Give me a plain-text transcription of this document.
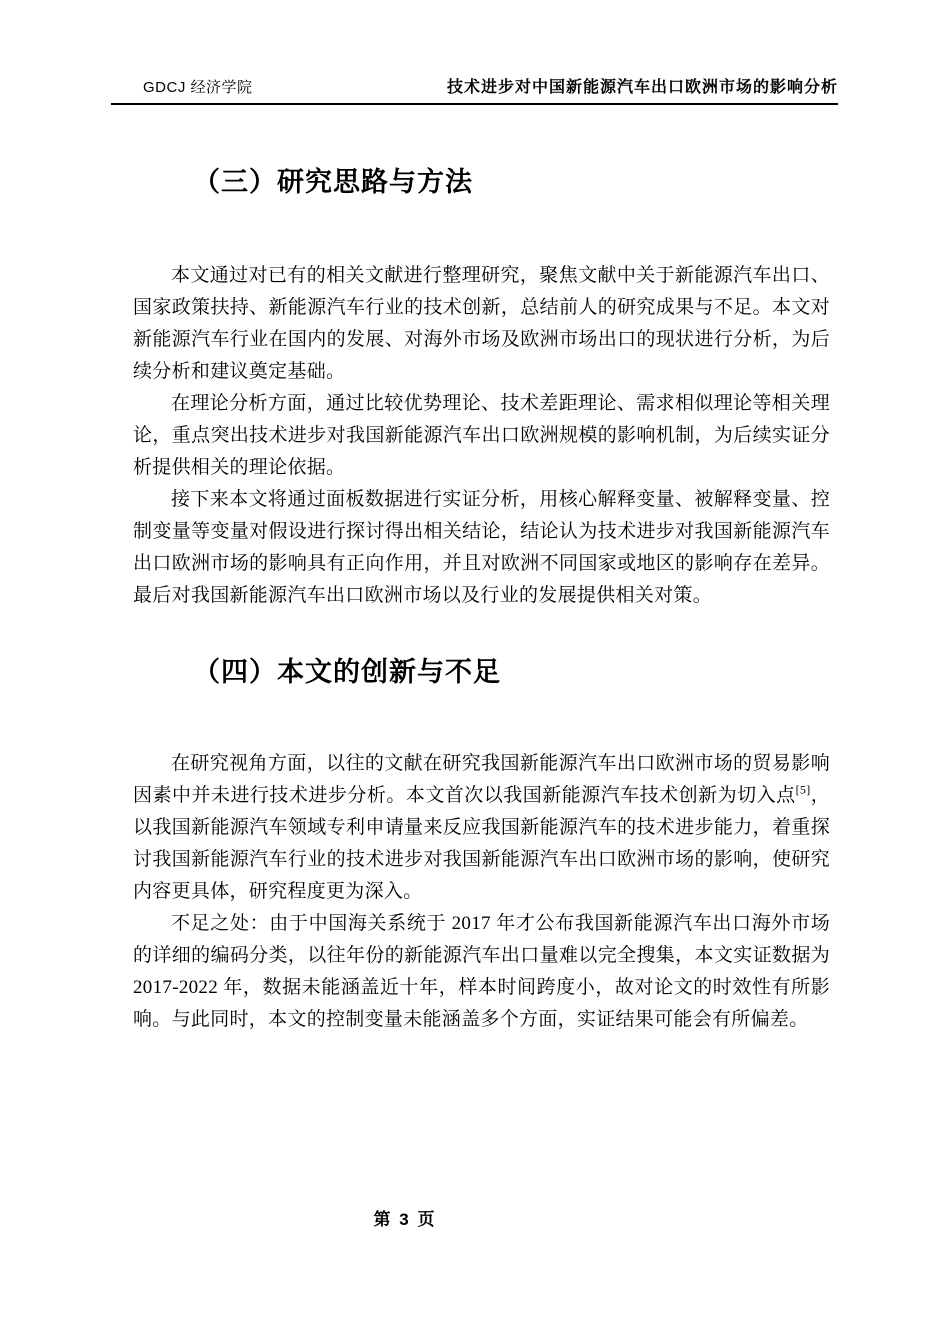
GDCJ 经济学院	技术进步对中国新能源汽车出口欧洲市场的影响分析
（三）研究思路与方法

本文通过对已有的相关文献进行整理研究，聚焦文献中关于新能源汽车出口、国家政策扶持、新能源汽车行业的技术创新，总结前人的研究成果与不足。本文对新能源汽车行业在国内的发展、对海外市场及欧洲市场出口的现状进行分析，为后续分析和建议奠定基础。

在理论分析方面，通过比较优势理论、技术差距理论、需求相似理论等相关理论，重点突出技术进步对我国新能源汽车出口欧洲规模的影响机制，为后续实证分析提供相关的理论依据。

接下来本文将通过面板数据进行实证分析，用核心解释变量、被解释变量、控制变量等变量对假设进行探讨得出相关结论，结论认为技术进步对我国新能源汽车出口欧洲市场的影响具有正向作用，并且对欧洲不同国家或地区的影响存在差异。最后对我国新能源汽车出口欧洲市场以及行业的发展提供相关对策。

（四）本文的创新与不足

在研究视角方面，以往的文献在研究我国新能源汽车出口欧洲市场的贸易影响因素中并未进行技术进步分析。本文首次以我国新能源汽车技术创新为切入点[5]，以我国新能源汽车领域专利申请量来反应我国新能源汽车的技术进步能力，着重探讨我国新能源汽车行业的技术进步对我国新能源汽车出口欧洲市场的影响，使研究内容更具体，研究程度更为深入。

不足之处：由于中国海关系统于 2017 年才公布我国新能源汽车出口海外市场的详细的编码分类，以往年份的新能源汽车出口量难以完全搜集，本文实证数据为 2017-2022 年，数据未能涵盖近十年，样本时间跨度小，故对论文的时效性有所影响。与此同时，本文的控制变量未能涵盖多个方面，实证结果可能会有所偏差。

第 3 页
